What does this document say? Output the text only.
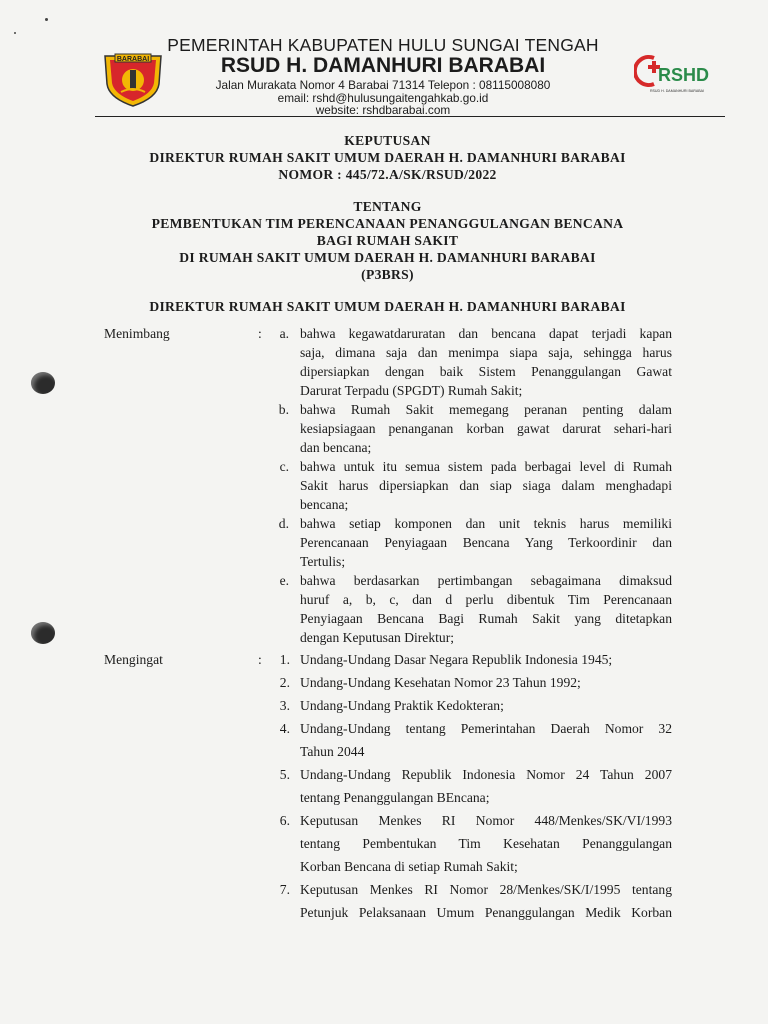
BARABAI
RSHD
RSUD H. DAMANHURI BARABAI
PEMERINTAH KABUPATEN HULU SUNGAI TENGAH
RSUD H. DAMANHURI BARABAI
Jalan Murakata Nomor 4 Barabai 71314 Telepon : 08115008080
email: rshd@hulusungaitengahkab.go.id
website: rshdbarabai.com
KEPUTUSAN
DIREKTUR RUMAH SAKIT UMUM DAERAH H. DAMANHURI BARABAI
NOMOR : 445/72.A/SK/RSUD/2022
TENTANG
PEMBENTUKAN TIM PERENCANAAN PENANGGULANGAN BENCANA
BAGI RUMAH SAKIT
DI RUMAH SAKIT UMUM DAERAH H. DAMANHURI BARABAI
(P3BRS)
DIREKTUR RUMAH SAKIT UMUM DAERAH H. DAMANHURI BARABAI
Menimbang	:	a. bahwa kegawatdaruratan dan bencana dapat terjadi kapan
saja, dimana saja dan menimpa siapa saja, sehingga harus
dipersiapkan dengan baik Sistem Penanggulangan Gawat
Darurat Terpadu (SPGDT) Rumah Sakit;
b. bahwa Rumah Sakit memegang peranan penting dalam
kesiapsiagaan penanganan korban gawat darurat sehari-hari
dan bencana;
c. bahwa untuk itu semua sistem pada berbagai level di Rumah
Sakit harus dipersiapkan dan siap siaga dalam menghadapi
bencana;
d. bahwa setiap komponen dan unit teknis harus memiliki
Perencanaan Penyiagaan Bencana Yang Terkoordinir dan
Tertulis;
e. bahwa berdasarkan pertimbangan sebagaimana dimaksud
huruf a, b, c, dan d perlu dibentuk Tim Perencanaan
Penyiagaan Bencana Bagi Rumah Sakit yang ditetapkan
dengan Keputusan Direktur;
Mengingat	:	1. Undang-Undang Dasar Negara Republik Indonesia 1945;
2. Undang-Undang Kesehatan Nomor 23 Tahun 1992;
3. Undang-Undang Praktik Kedokteran;
4. Undang-Undang tentang Pemerintahan Daerah Nomor 32
Tahun 2044
5. Undang-Undang Republik Indonesia Nomor 24 Tahun 2007
tentang Penanggulangan BEncana;
6. Keputusan Menkes RI Nomor 448/Menkes/SK/VI/1993
tentang Pembentukan Tim Kesehatan Penanggulangan
Korban Bencana di setiap Rumah Sakit;
7. Keputusan Menkes RI Nomor 28/Menkes/SK/I/1995 tentang
Petunjuk Pelaksanaan Umum Penanggulangan Medik Korban
